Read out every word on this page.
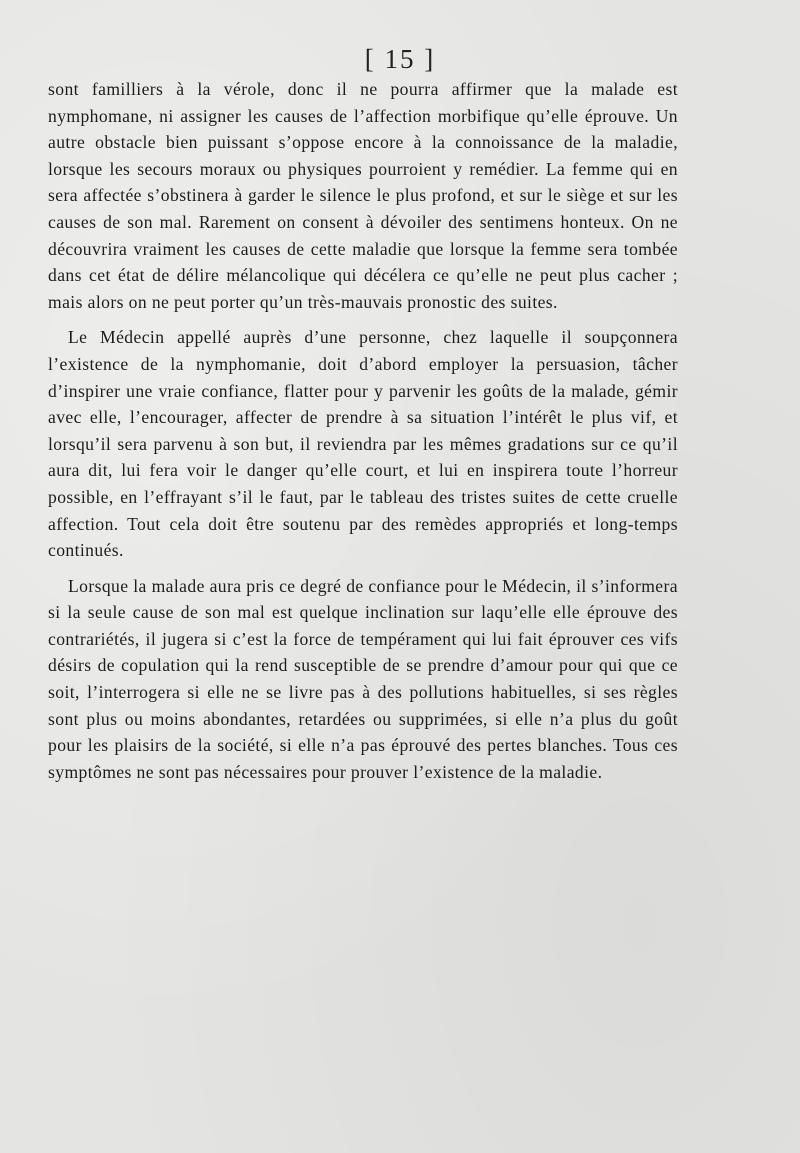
[ 15 ]

sont familliers à la vérole, donc il ne pourra affirmer que la malade est nymphomane, ni assigner les causes de l’affection morbifique qu’elle éprouve. Un autre obstacle bien puissant s’oppose encore à la connoissance de la maladie, lorsque les secours moraux ou physiques pourroient y remédier. La femme qui en sera affectée s’obstinera à garder le silence le plus profond, et sur le siège et sur les causes de son mal. Rarement on consent à dévoiler des sentimens honteux. On ne découvrira vraiment les causes de cette maladie que lorsque la femme sera tombée dans cet état de délire mélancolique qui décélera ce qu’elle ne peut plus cacher ; mais alors on ne peut porter qu’un très-mauvais pronostic des suites.

Le Médecin appellé auprès d’une personne, chez laquelle il soupçonnera l’existence de la nymphomanie, doit d’abord employer la persuasion, tâcher d’inspirer une vraie confiance, flatter pour y parvenir les goûts de la malade, gémir avec elle, l’encourager, affecter de prendre à sa situation l’intérêt le plus vif, et lorsqu’il sera parvenu à son but, il reviendra par les mêmes gradations sur ce qu’il aura dit, lui fera voir le danger qu’elle court, et lui en inspirera toute l’horreur possible, en l’effrayant s’il le faut, par le tableau des tristes suites de cette cruelle affection. Tout cela doit être soutenu par des remèdes appropriés et long-temps continués.

Lorsque la malade aura pris ce degré de confiance pour le Médecin, il s’informera si la seule cause de son mal est quelque inclination sur laqu’elle elle éprouve des contrariétés, il jugera si c’est la force de tempérament qui lui fait éprouver ces vifs désirs de copulation qui la rend susceptible de se prendre d’amour pour qui que ce soit, l’interrogera si elle ne se livre pas à des pollutions habituelles, si ses règles sont plus ou moins abondantes, retardées ou supprimées, si elle n’a plus du goût pour les plaisirs de la société, si elle n’a pas éprouvé des pertes blanches. Tous ces symptômes ne sont pas nécessaires pour prouver l’existence de la maladie.
